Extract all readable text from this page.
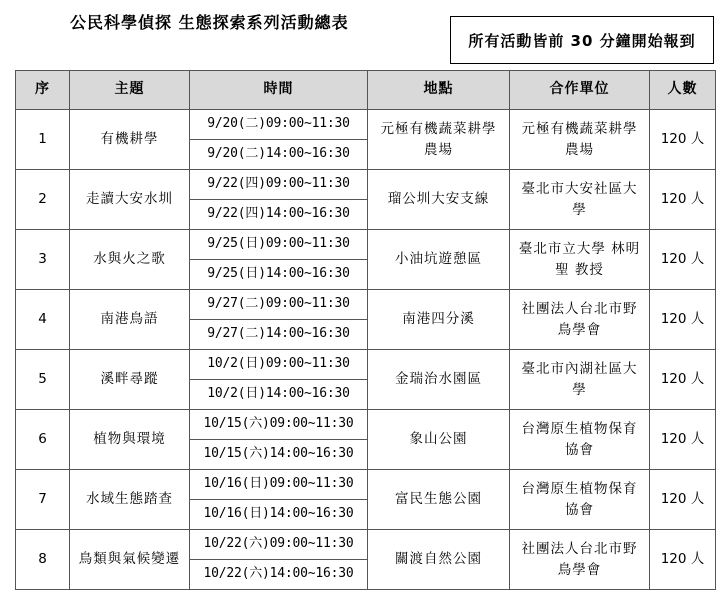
公民科學偵探 生態探索系列活動總表
所有活動皆前 30 分鐘開始報到
序	主題	時間	地點	合作單位	人數
1	有機耕學	9/20(二)09:00~11:30	元極有機蔬菜耕學農場	元極有機蔬菜耕學農場	120 人
		9/20(二)14:00~16:30			
2	走讀大安水圳	9/22(四)09:00~11:30	瑠公圳大安支線	臺北市大安社區大學	120 人
		9/22(四)14:00~16:30			
3	水與火之歌	9/25(日)09:00~11:30	小油坑遊憩區	臺北市立大學 林明聖 教授	120 人
		9/25(日)14:00~16:30			
4	南港鳥語	9/27(二)09:00~11:30	南港四分溪	社團法人台北市野鳥學會	120 人
		9/27(二)14:00~16:30			
5	溪畔尋蹤	10/2(日)09:00~11:30	金瑞治水園區	臺北市內湖社區大學	120 人
		10/2(日)14:00~16:30			
6	植物與環境	10/15(六)09:00~11:30	象山公園	台灣原生植物保育協會	120 人
		10/15(六)14:00~16:30			
7	水域生態踏查	10/16(日)09:00~11:30	富民生態公園	台灣原生植物保育協會	120 人
		10/16(日)14:00~16:30			
8	鳥類與氣候變遷	10/22(六)09:00~11:30	關渡自然公園	社團法人台北市野鳥學會	120 人
		10/22(六)14:00~16:30			
